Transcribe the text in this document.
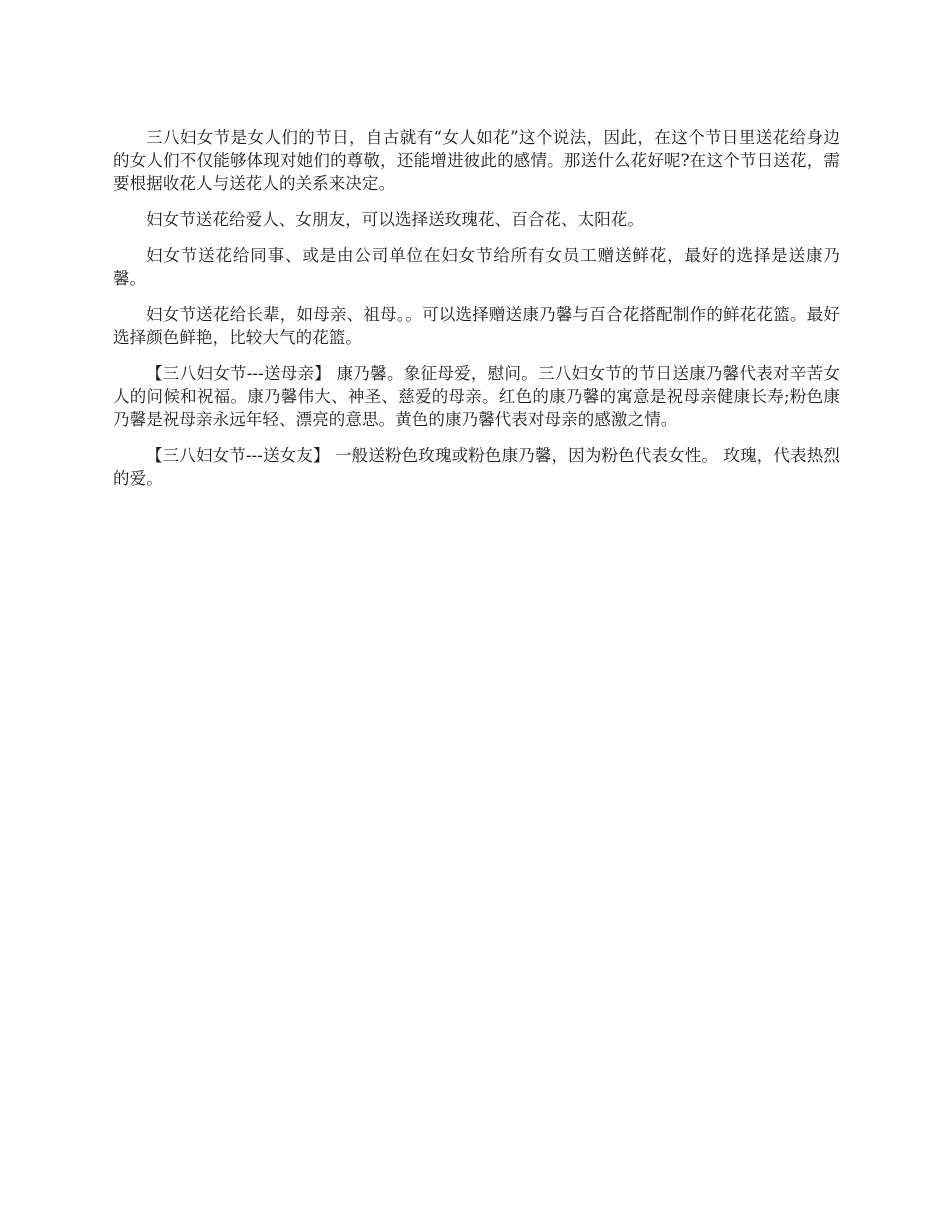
三八妇女节是女人们的节日，自古就有“女人如花”这个说法，因此，在这个节日里送花给身边的女人们不仅能够体现对她们的尊敬，还能增进彼此的感情。那送什么花好呢?在这个节日送花，需要根据收花人与送花人的关系来决定。

妇女节送花给爱人、女朋友，可以选择送玫瑰花、百合花、太阳花。

妇女节送花给同事、或是由公司单位在妇女节给所有女员工赠送鲜花，最好的选择是送康乃馨。

妇女节送花给长辈，如母亲、祖母。。可以选择赠送康乃馨与百合花搭配制作的鲜花花篮。最好选择颜色鲜艳，比较大气的花篮。

【三八妇女节---送母亲】 康乃馨。象征母爱，慰问。三八妇女节的节日送康乃馨代表对辛苦女人的问候和祝福。康乃馨伟大、神圣、慈爱的母亲。红色的康乃馨的寓意是祝母亲健康长寿;粉色康乃馨是祝母亲永远年轻、漂亮的意思。黄色的康乃馨代表对母亲的感激之情。

【三八妇女节---送女友】 一般送粉色玫瑰或粉色康乃馨，因为粉色代表女性。 玫瑰，代表热烈的爱。
